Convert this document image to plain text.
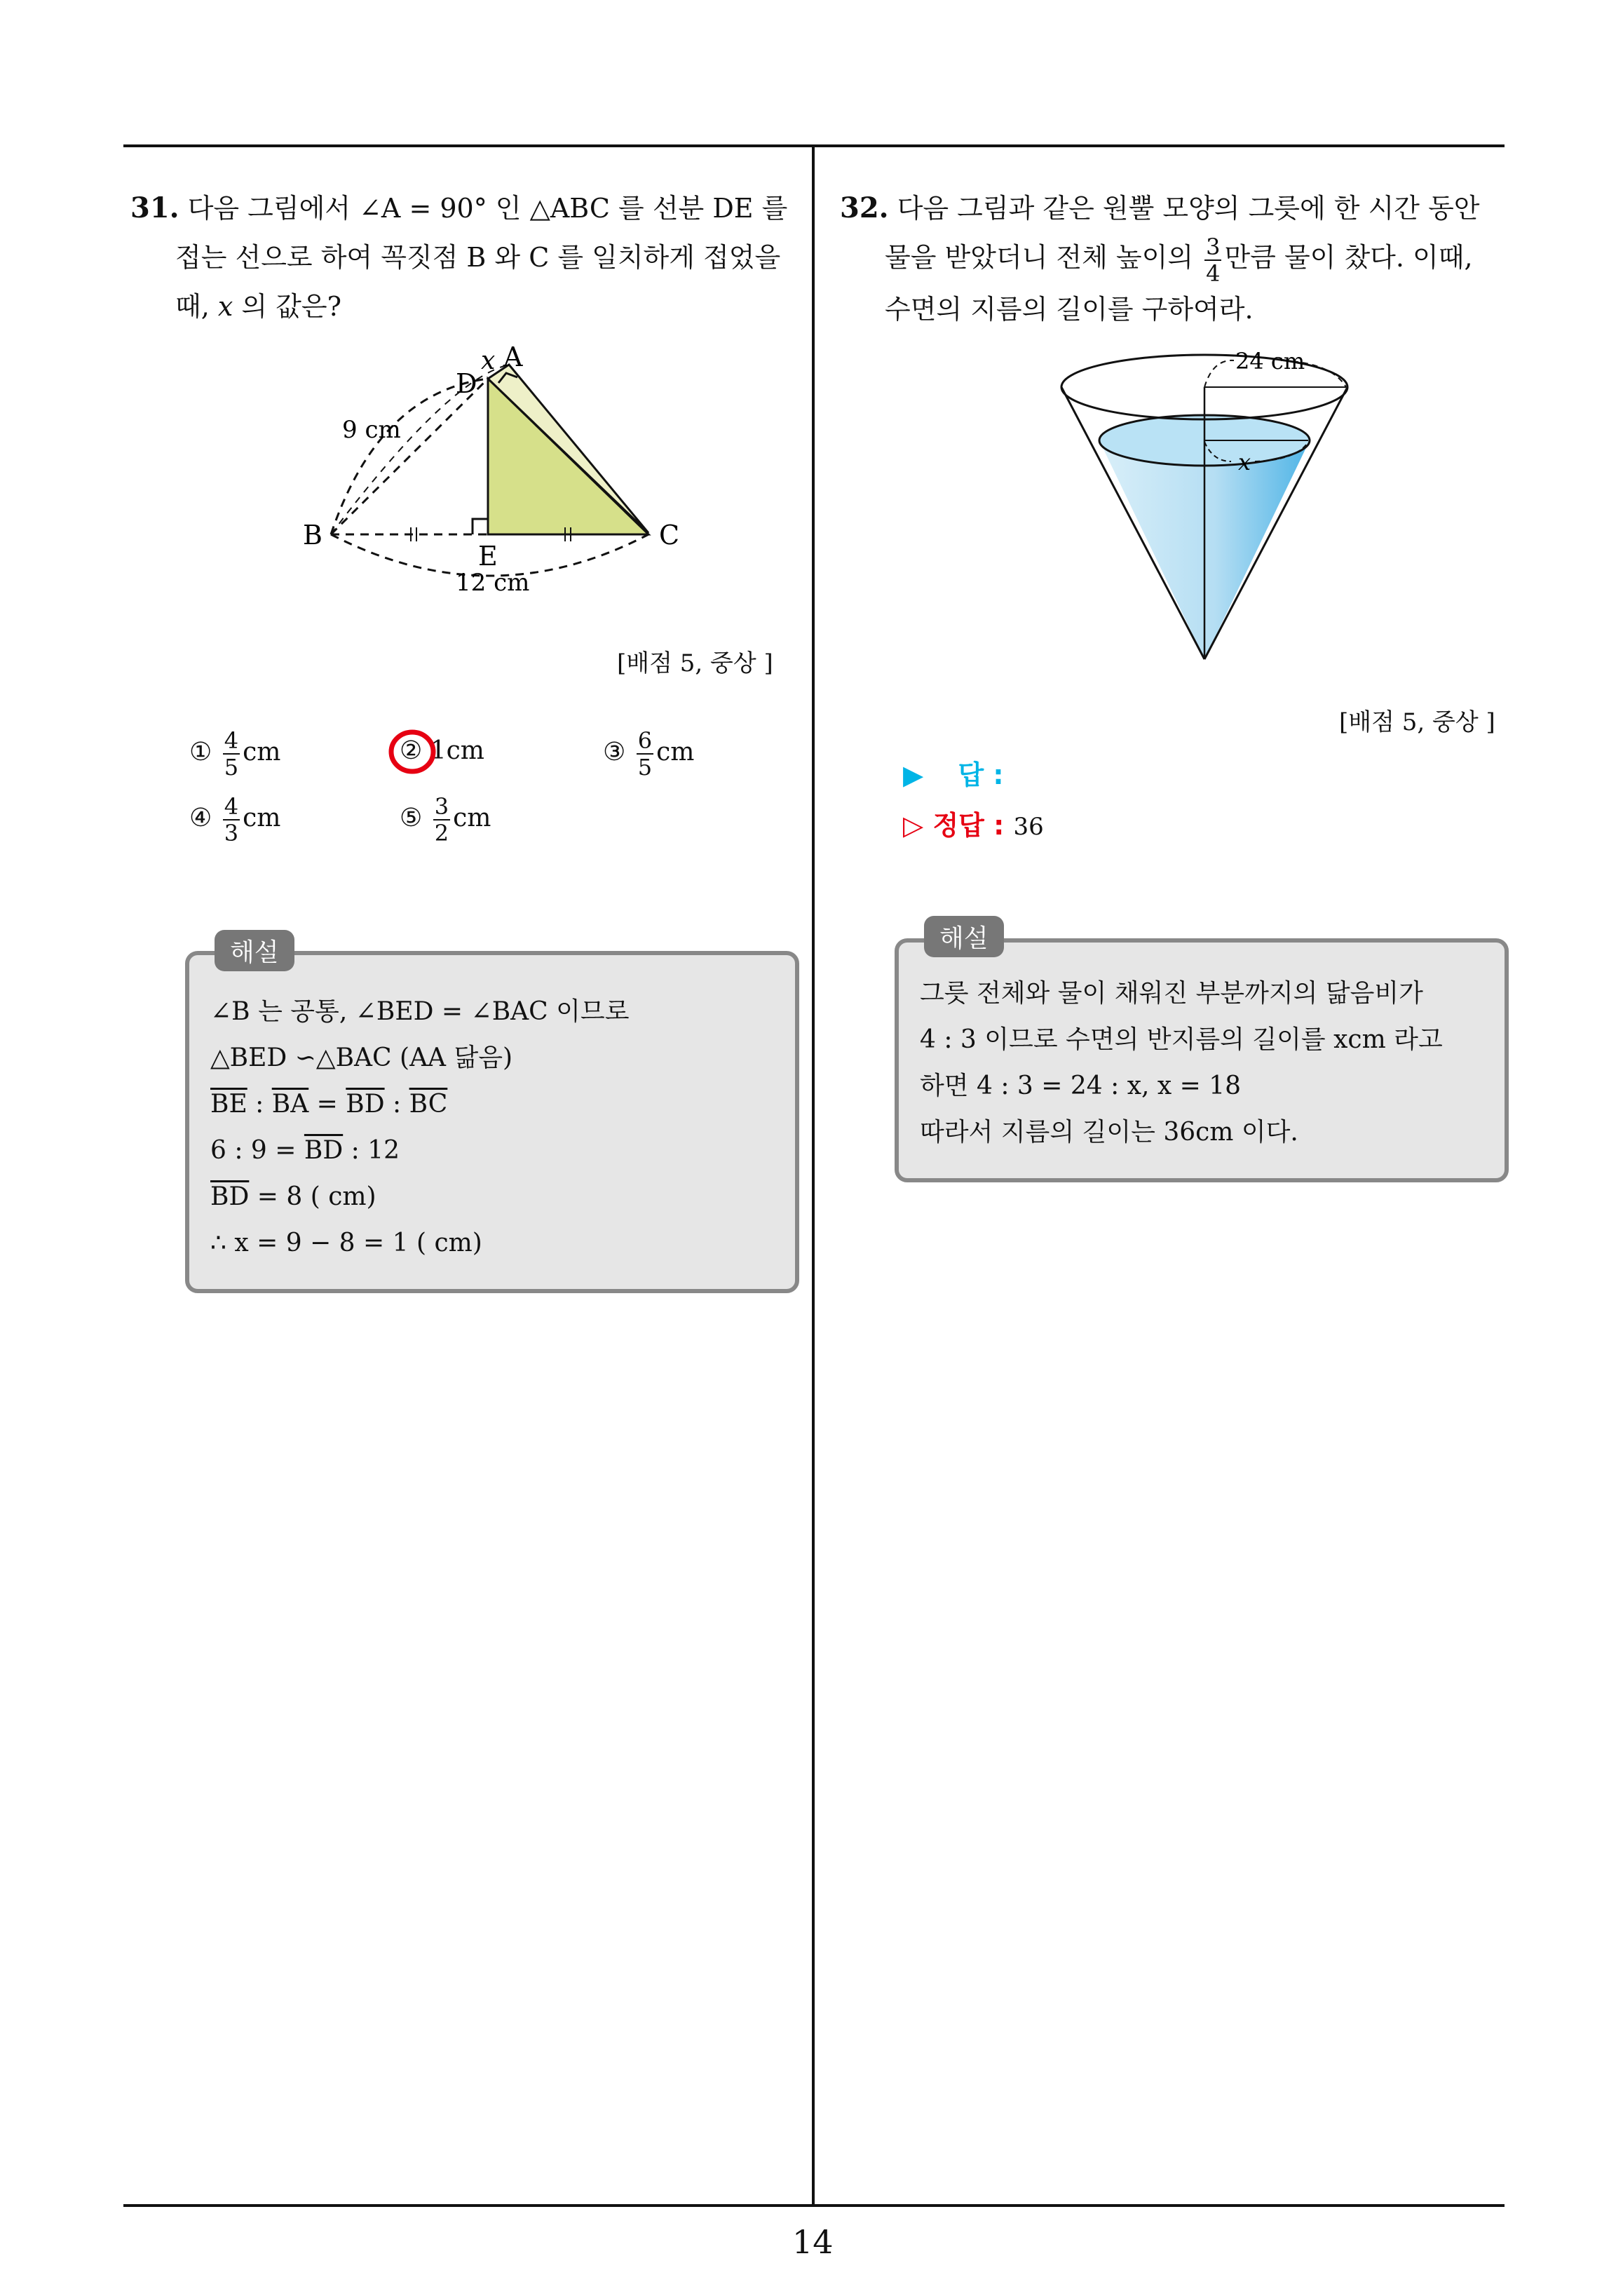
31. 다음 그림에서 ∠A = 90° 인 △ABC 를 선분 DE 를
접는 선으로 하여 꼭짓점 B 와 C 를 일치하게 접었을
때, x 의 값은?
x A
D
9 cm
B	C
E
12 cm
[배점 5, 중상 ]
① $\frac{4}{5}$ cm	② 1cm	③ $\frac{6}{5}$ cm
④ $\frac{4}{3}$ cm	⑤ $\frac{3}{2}$ cm
∠B 는 공통, ∠BED = ∠BAC 이므로
△BED ∽△BAC (AA 닮음)
$\overline{BE}$ : $\overline{BA} = \overline{BD}$ : $\overline{BC}$
6 : $9 = \overline{BD}$ : 12
$\overline{BD} = 8$ ( cm)
∴ x = 9 − 8 = 1 ( cm)
해설
32. 다음 그림과 같은 원뿔 모양의 그릇에 한 시간 동안
물을 받았더니 전체 높이의 $\frac{3}{4}$ 만큼 물이 찼다. 이때,
수면의 지름의 길이를 구하여라.
24 cm
x
[배점 5, 중상 ]
▶ 답 :
▷ 정답 : 36
그릇 전체와 물이 채워진 부분까지의 닮음비가
4 : 3 이므로 수면의 반지름의 길이를 xcm 라고
하면 4 : 3 = 24 : x, x = 18
따라서 지름의 길이는 36cm 이다.
해설
14
